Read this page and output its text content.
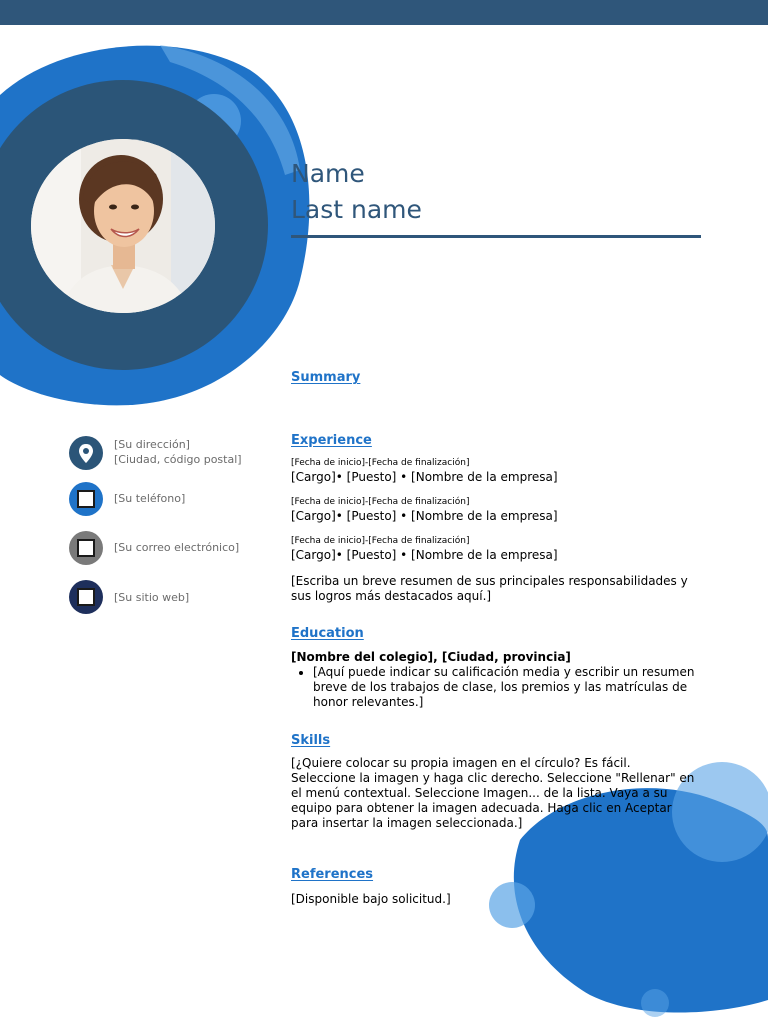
Name

Last name

[Su dirección]
[Ciudad, código postal]
[Su teléfono]
[Su correo electrónico]
[Su sitio web]
Summary
Experience
[Fecha de inicio]-[Fecha de finalización]
[Cargo]• [Puesto] • [Nombre de la empresa]
[Fecha de inicio]-[Fecha de finalización]
[Cargo]• [Puesto] • [Nombre de la empresa]
[Fecha de inicio]-[Fecha de finalización]
[Cargo]• [Puesto] • [Nombre de la empresa]
[Escriba un breve resumen de sus principales responsabilidades y sus logros más destacados aquí.]
Education
[Nombre del colegio], [Ciudad, provincia]
• [Aquí puede indicar su calificación media y escribir un resumen breve de los trabajos de clase, los premios y las matrículas de honor relevantes.]
Skills
[¿Quiere colocar su propia imagen en el círculo? Es fácil. Seleccione la imagen y haga clic derecho. Seleccione "Rellenar" en el menú contextual. Seleccione Imagen... de la lista. Vaya a su equipo para obtener la imagen adecuada. Haga clic en Aceptar para insertar la imagen seleccionada.]
References
[Disponible bajo solicitud.]
